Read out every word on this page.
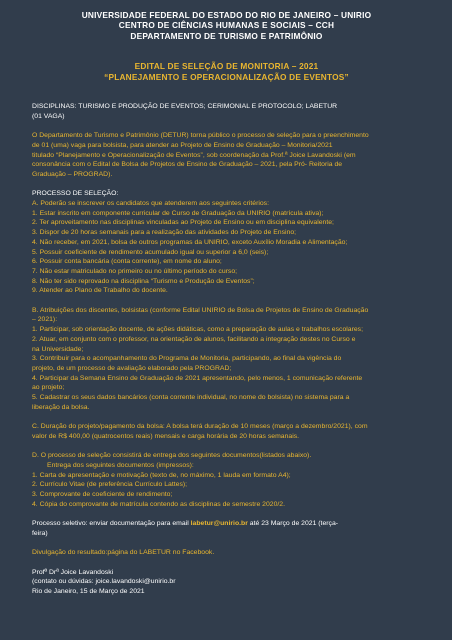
UNIVERSIDADE FEDERAL DO ESTADO DO RIO DE JANEIRO – UNIRIO
CENTRO DE CIÊNCIAS HUMANAS E SOCIAIS – CCH
DEPARTAMENTO DE TURISMO E PATRIMÔNIO
EDITAL DE SELEÇÃO DE MONITORIA – 2021
“PLANEJAMENTO E OPERACIONALIZAÇÃO DE EVENTOS”

DISCIPLINAS: TURISMO E PRODUÇÃO DE EVENTOS; CERIMONIAL E PROTOCOLO; LABETUR

(01 VAGA)

O Departamento de Turismo e Patrimônio (DETUR) torna público o processo de seleção para o preenchimento

de 01 (uma) vaga para bolsista, para atender ao Projeto de Ensino de Graduação – Monitoria/2021

titulado “Planejamento e Operacionalização de Eventos”, sob coordenação da Prof.ª Joice Lavandoski (em

consonância com o Edital de Bolsa de Projetos de Ensino de Graduação – 2021, pela Pró- Reitoria de

Graduação – PROGRAD).

PROCESSO DE SELEÇÃO:

A. Poderão se inscrever os candidatos que atenderem aos seguintes critérios:

1. Estar inscrito em componente curricular de Curso de Graduação da UNIRIO (matrícula ativa);

2. Ter aproveitamento nas disciplinas vinculadas ao Projeto de Ensino ou em disciplina equivalente;

3. Dispor de 20 horas semanais para a realização das atividades do Projeto de Ensino;

4. Não receber, em 2021, bolsa de outros programas da UNIRIO, exceto Auxílio Moradia e Alimentação;

5. Possuir coeficiente de rendimento acumulado igual ou superior a 6,0 (seis);

6. Possuir conta bancária (conta corrente), em nome do aluno;

7. Não estar matriculado no primeiro ou no último período do curso;

8. Não ter sido reprovado na disciplina “Turismo e Produção de Eventos”;

9. Atender ao Plano de Trabalho do docente.

B. Atribuições dos discentes, bolsistas (conforme Edital UNIRIO de Bolsa de Projetos de Ensino de Graduação

– 2021):

1. Participar, sob orientação docente, de ações didáticas, como a preparação de aulas e trabalhos escolares;

2. Atuar, em conjunto com o professor, na orientação de alunos, facilitando a integração destes no Curso e

na Universidade;

3. Contribuir para o acompanhamento do Programa de Monitoria, participando, ao final da vigência do

projeto, de um processo de avaliação elaborado pela PROGRAD;

4. Participar da Semana Ensino de Graduação de 2021 apresentando, pelo menos, 1 comunicação referente

ao projeto;

5. Cadastrar os seus dados bancários (conta corrente individual, no nome do bolsista) no sistema para a

liberação da bolsa.

C. Duração do projeto/pagamento da bolsa: A bolsa terá duração de 10 meses (março a dezembro/2021), com

valor de R$ 400,00 (quatrocentos reais) mensais e carga horária de 20 horas semanais.

D. O processo de seleção consistirá de entrega dos seguintes documentos(listados abaixo).

Entrega dos seguintes documentos (impressos):

1. Carta de apresentação e motivação (texto de, no máximo, 1 lauda em formato A4);

2. Currículo Vitae (de preferência Currículo Lattes);

3. Comprovante de coeficiente de rendimento;

4. Cópia do comprovante de matrícula contendo as disciplinas de semestre 2020/2.

Processo seletivo: enviar documentação para email labetur@unirio.br até 23 Março de 2021 (terça-

feira)

Divulgação do resultado:página do LABETUR no Facebook.

Profª Drª Joice Lavandoski

(contato ou dúvidas: joice.lavandoski@unirio.br

Rio de Janeiro, 15 de Março de 2021
